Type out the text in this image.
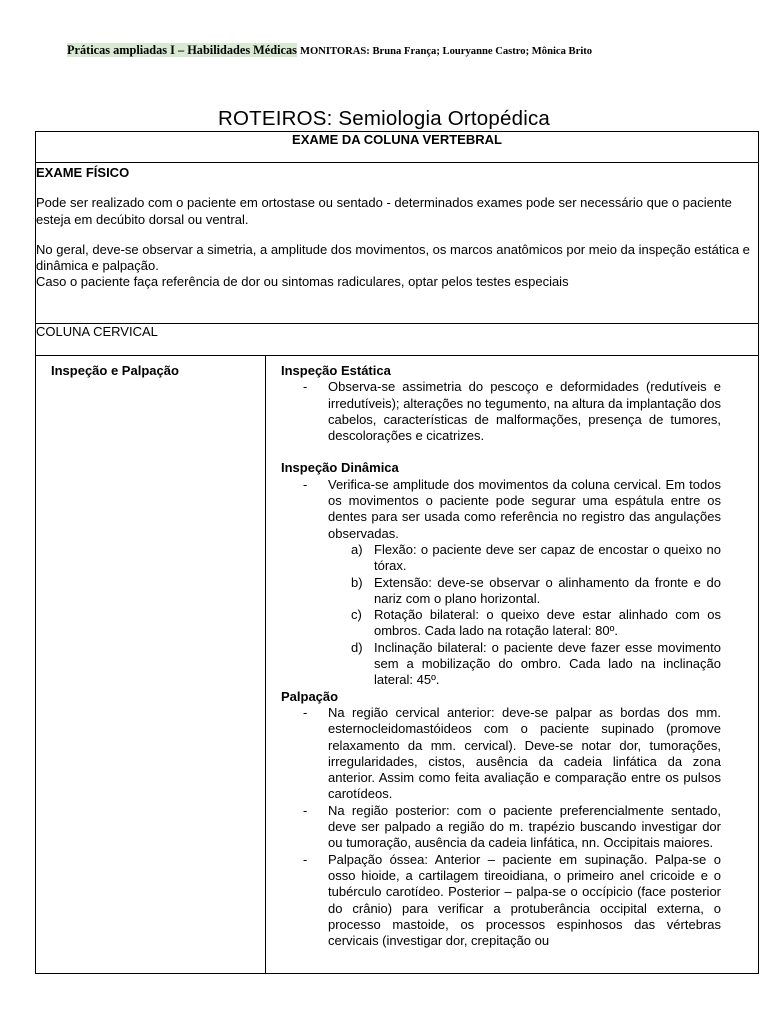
Práticas ampliadas I – Habilidades Médicas MONITORAS: Bruna França; Louryanne Castro; Mônica Brito
ROTEIROS: Semiologia Ortopédica
EXAME DA COLUNA VERTEBRAL

EXAME FÍSICO

Pode ser realizado com o paciente em ortostase ou sentado - determinados exames pode ser necessário que o paciente esteja em decúbito dorsal ou ventral.

No geral, deve-se observar a simetria, a amplitude dos movimentos, os marcos anatômicos por meio da inspeção estática e dinâmica e palpação.
Caso o paciente faça referência de dor ou sintomas radiculares, optar pelos testes especiais

COLUNA CERVICAL
Inspeção e Palpação	Inspeção Estática
- Observa-se assimetria do pescoço e deformidades (redutíveis e irredutíveis); alterações no tegumento, na altura da implantação dos cabelos, características de malformações, presença de tumores, descolorações e cicatrizes.
Inspeção Dinâmica
- Verifica-se amplitude dos movimentos da coluna cervical. Em todos os movimentos o paciente pode segurar uma espátula entre os dentes para ser usada como referência no registro das angulações observadas.
a) Flexão: o paciente deve ser capaz de encostar o queixo no tórax.
b) Extensão: deve-se observar o alinhamento da fronte e do nariz com o plano horizontal.
c) Rotação bilateral: o queixo deve estar alinhado com os ombros. Cada lado na rotação lateral: 80º.
d) Inclinação bilateral: o paciente deve fazer esse movimento sem a mobilização do ombro. Cada lado na inclinação lateral: 45º.
Palpação
- Na região cervical anterior: deve-se palpar as bordas dos mm. esternocleidomastóideos com o paciente supinado (promove relaxamento da mm. cervical). Deve-se notar dor, tumorações, irregularidades, cistos, ausência da cadeia linfática da zona anterior. Assim como feita avaliação e comparação entre os pulsos carotídeos.
- Na região posterior: com o paciente preferencialmente sentado, deve ser palpado a região do m. trapézio buscando investigar dor ou tumoração, ausência da cadeia linfática, nn. Occipitais maiores.
- Palpação óssea: Anterior – paciente em supinação. Palpa-se o osso hioide, a cartilagem tireoidiana, o primeiro anel cricoide e o tubérculo carotídeo. Posterior – palpa-se o occípicio (face posterior do crânio) para verificar a protuberância occipital externa, o processo mastoide, os processos espinhosos das vértebras cervicais (investigar dor, crepitação ou
